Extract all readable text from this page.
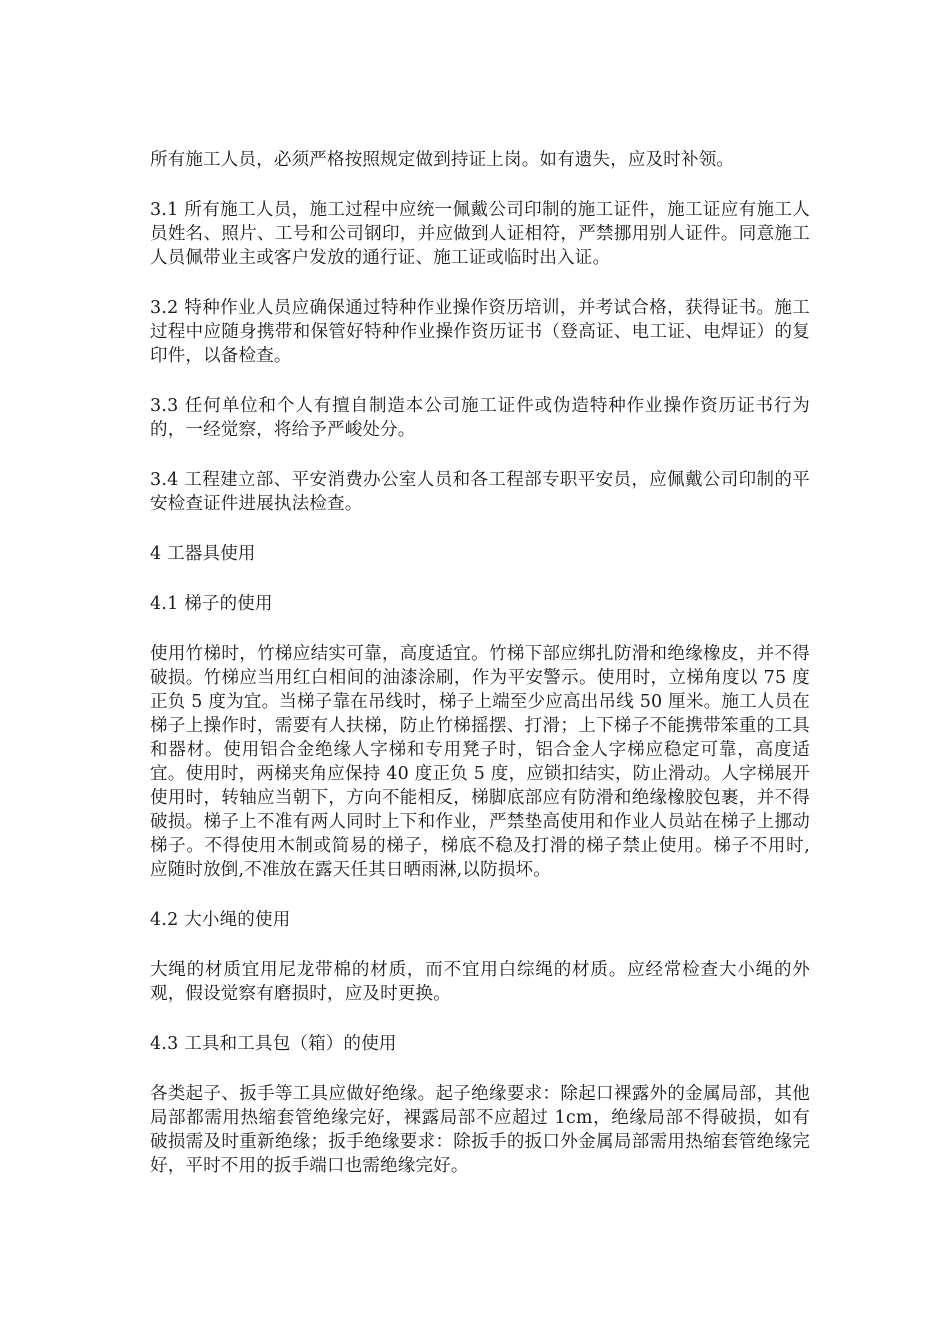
所有施工人员，必须严格按照规定做到持证上岗。如有遗失，应及时补领。

3.1 所有施工人员，施工过程中应统一佩戴公司印制的施工证件，施工证应有施工人员姓名、照片、工号和公司钢印，并应做到人证相符，严禁挪用别人证件。同意施工人员佩带业主或客户发放的通行证、施工证或临时出入证。

3.2 特种作业人员应确保通过特种作业操作资历培训，并考试合格，获得证书。施工过程中应随身携带和保管好特种作业操作资历证书（登高证、电工证、电焊证）的复印件，以备检查。

3.3 任何单位和个人有擅自制造本公司施工证件或伪造特种作业操作资历证书行为的，一经觉察，将给予严峻处分。

3.4 工程建立部、平安消费办公室人员和各工程部专职平安员，应佩戴公司印制的平安检查证件进展执法检查。

4 工器具使用

4.1 梯子的使用

使用竹梯时，竹梯应结实可靠，高度适宜。竹梯下部应绑扎防滑和绝缘橡皮，并不得破损。竹梯应当用红白相间的油漆涂刷，作为平安警示。使用时，立梯角度以 75 度正负 5 度为宜。当梯子靠在吊线时，梯子上端至少应高出吊线 50 厘米。施工人员在梯子上操作时，需要有人扶梯，防止竹梯摇摆、打滑；上下梯子不能携带笨重的工具和器材。使用铝合金绝缘人字梯和专用凳子时，铝合金人字梯应稳定可靠，高度适宜。使用时，两梯夹角应保持 40 度正负 5 度，应锁扣结实，防止滑动。人字梯展开使用时，转轴应当朝下，方向不能相反，梯脚底部应有防滑和绝缘橡胶包裹，并不得破损。梯子上不准有两人同时上下和作业，严禁垫高使用和作业人员站在梯子上挪动梯子。不得使用木制或简易的梯子，梯底不稳及打滑的梯子禁止使用。梯子不用时,应随时放倒,不准放在露天任其日晒雨淋,以防损坏。

4.2 大小绳的使用

大绳的材质宜用尼龙带棉的材质，而不宜用白综绳的材质。应经常检查大小绳的外观，假设觉察有磨损时，应及时更换。

4.3 工具和工具包（箱）的使用

各类起子、扳手等工具应做好绝缘。起子绝缘要求：除起口裸露外的金属局部，其他局部都需用热缩套管绝缘完好，裸露局部不应超过 1cm，绝缘局部不得破损，如有破损需及时重新绝缘；扳手绝缘要求：除扳手的扳口外金属局部需用热缩套管绝缘完好，平时不用的扳手端口也需绝缘完好。
